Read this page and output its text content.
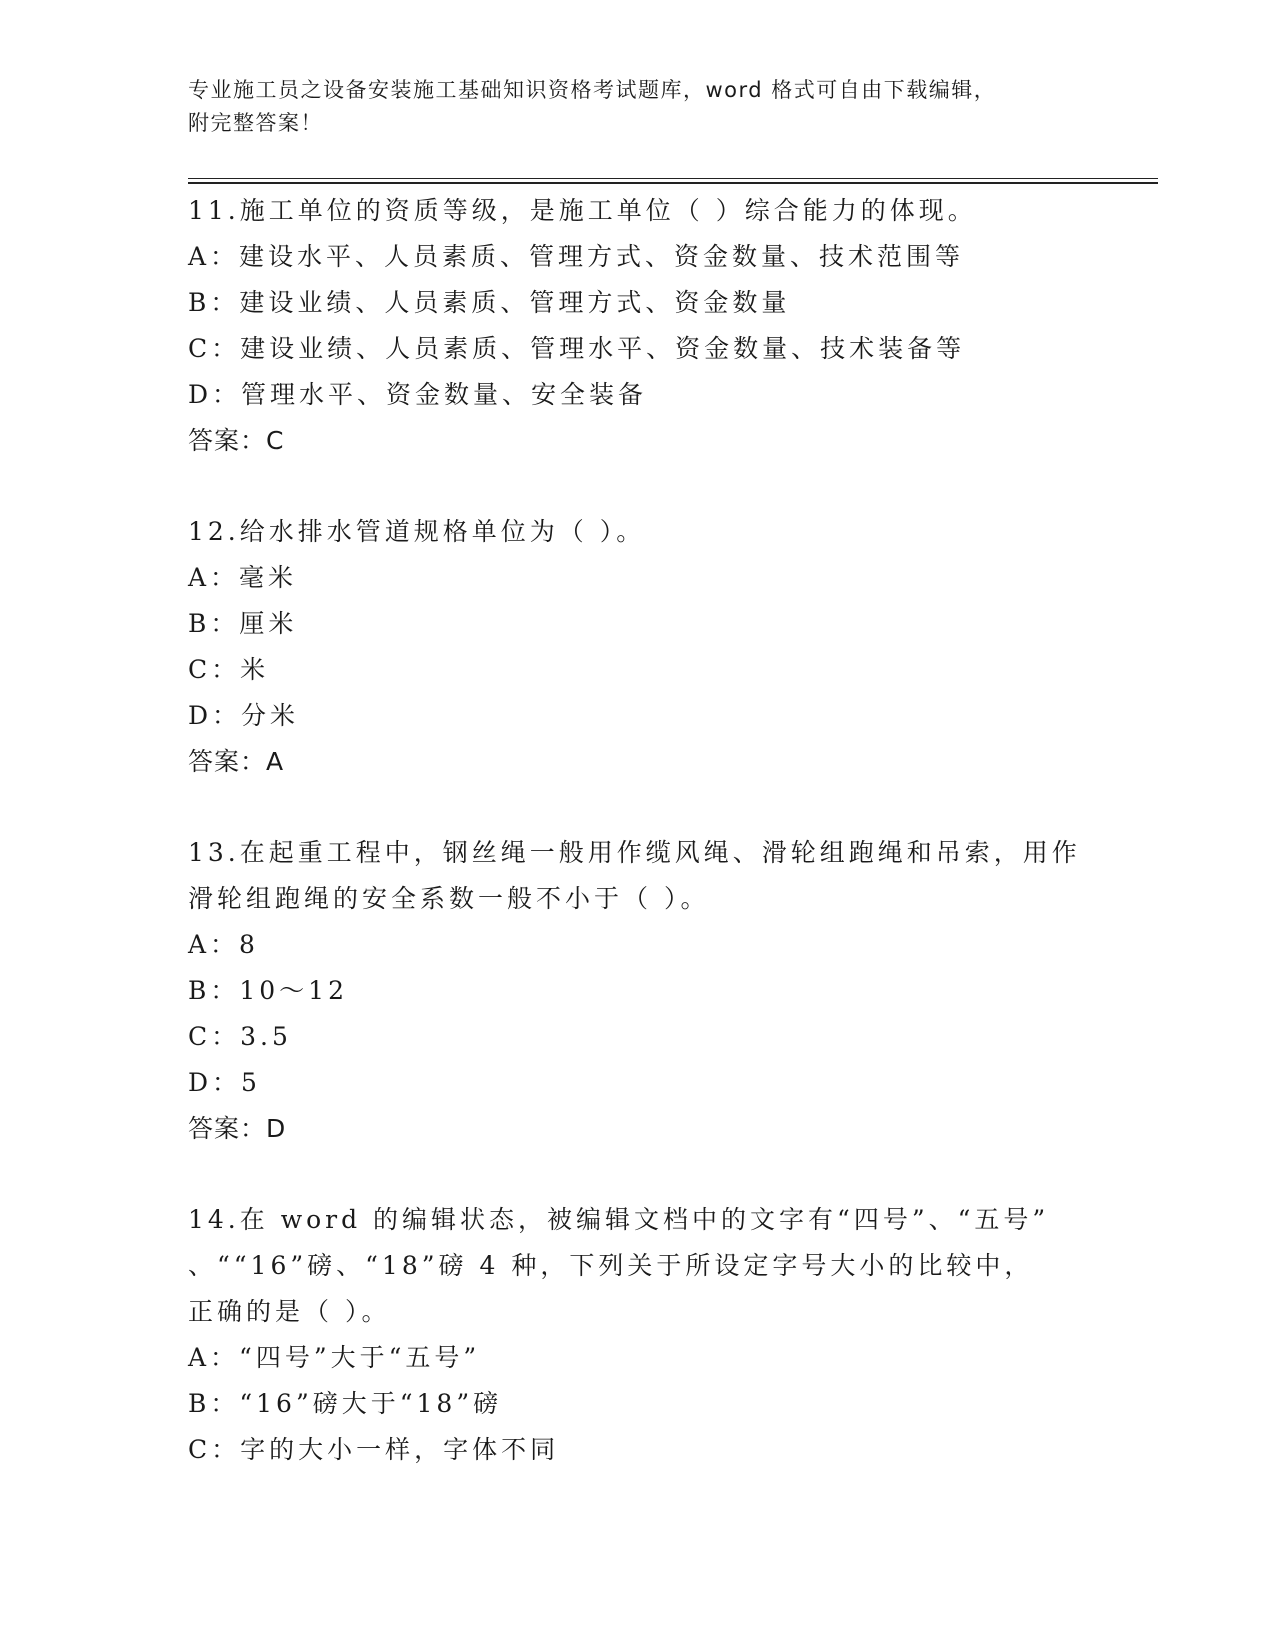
专业施工员之设备安装施工基础知识资格考试题库，word 格式可自由下载编辑，
附完整答案！
11.施工单位的资质等级，是施工单位（ ）综合能力的体现。
A：建设水平、人员素质、管理方式、资金数量、技术范围等
B：建设业绩、人员素质、管理方式、资金数量
C：建设业绩、人员素质、管理水平、资金数量、技术装备等
D：管理水平、资金数量、安全装备
答案：C
12.给水排水管道规格单位为（ ）。
A：毫米
B：厘米
C：米
D：分米
答案：A
13.在起重工程中，钢丝绳一般用作缆风绳、滑轮组跑绳和吊索，用作
滑轮组跑绳的安全系数一般不小于（ ）。
A：8
B：10～12
C：3.5
D：5
答案：D
14.在 word 的编辑状态，被编辑文档中的文字有“四号”、“五号”
、““16”磅、“18”磅 4 种，下列关于所设定字号大小的比较中，
正确的是（ ）。
A：“四号”大于“五号”
B：“16”磅大于“18”磅
C：字的大小一样，字体不同
